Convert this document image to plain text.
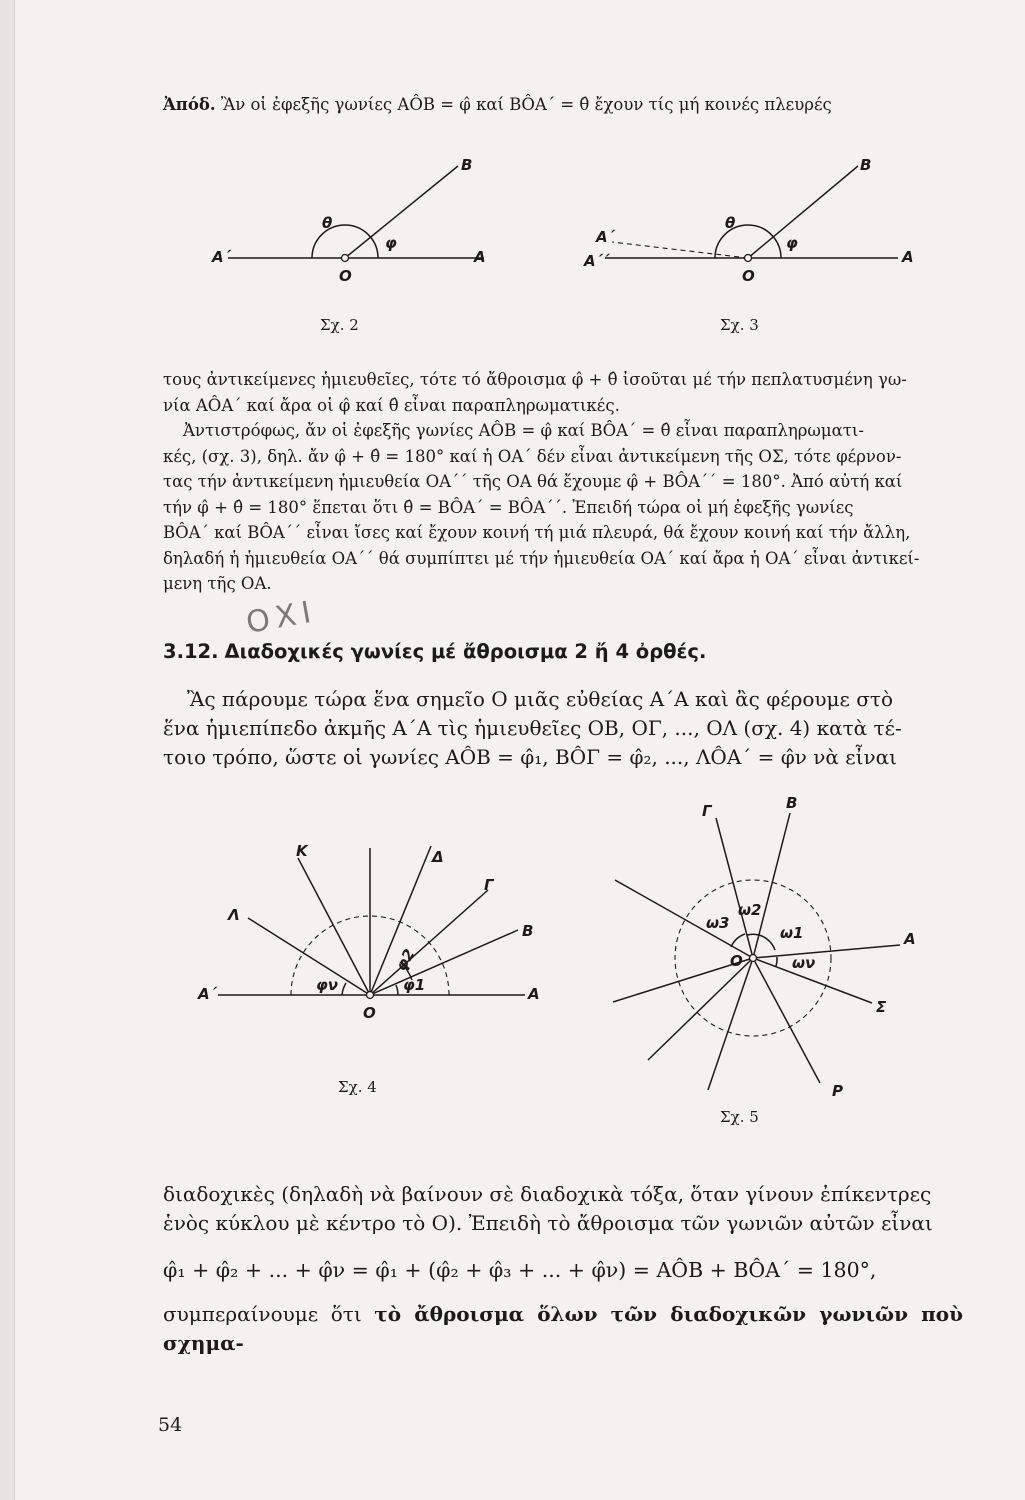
Ἀπόδ. Ἂν οἱ ἐφεξῆς γωνίες ΑÔΒ = φ̂ καί ΒÔΑ΄ = θ̂ ἔχουν τίς μή κοινές πλευρές
B
θ
φ
A΄
O
A
Σχ. 2
B
A΄
θ
φ
A΄΄
O
A
Σχ. 3
τους ἀντικείμενες ἡμιευθεῖες, τότε τό ἄθροισμα φ̂ + θ̂ ἰσοῦται μέ τήν πεπλατυσμένη γω-
νία ΑÔΑ΄ καί ἄρα οἱ φ̂ καί θ̂ εἶναι παραπληρωματικές.
Ἀντιστρόφως, ἄν οἱ ἐφεξῆς γωνίες ΑÔΒ = φ̂ καί ΒÔΑ΄ = θ̂ εἶναι παραπληρωματι-
κές, (σχ. 3), δηλ. ἄν φ̂ + θ̂ = 180° καί ἡ ΟΑ΄ δέν εἶναι ἀντικείμενη τῆς ΟΣ, τότε φέρνον-
τας τήν ἀντικείμενη ἡμιευθεία ΟΑ΄΄ τῆς ΟΑ θά ἔχουμε φ̂ + ΒÔΑ΄΄ = 180°. Ἀπό αὐτή καί
τήν φ̂ + θ̂ = 180° ἕπεται ὅτι θ̂ = ΒÔΑ΄ = ΒÔΑ΄΄. Ἐπειδή τώρα οἱ μή ἐφεξῆς γωνίες
ΒÔΑ΄ καί ΒÔΑ΄΄ εἶναι ἴσες καί ἔχουν κοινή τή μιά πλευρά, θά ἔχουν κοινή καί τήν ἄλλη,
δηλαδή ἡ ἡμιευθεία ΟΑ΄΄ θά συμπίπτει μέ τήν ἡμιευθεία ΟΑ΄ καί ἄρα ἡ ΟΑ΄ εἶναι ἀντικεί-
μενη τῆς ΟΑ.
ΟΧΙ
3.12. Διαδοχικές γωνίες μέ ἄθροισμα 2 ἤ 4 ὀρθές.
Ἂς πάρουμε τώρα ἕνα σημεῖο Ο μιᾶς εὐθείας Α΄Α καὶ ἂς φέρουμε στὸ
ἕνα ἡμιεπίπεδο ἀκμῆς Α΄Α τὶς ἡμιευθεῖες ΟΒ, ΟΓ, ..., ΟΛ (σχ. 4) κατὰ τέ-
τοιο τρόπο, ὥστε οἱ γωνίες ΑÔΒ = φ̂₁, ΒÔΓ = φ̂₂, ..., ΛÔΑ΄ = φ̂ν νὰ εἶναι
K	Δ
Γ
Λ
B
φ2
φν	φ1
A΄
O
A
Σχ. 4
Γ	B
ω3
ω2
ω1	A
O	ων
Σ
P
Σχ. 5
διαδοχικὲς (δηλαδὴ νὰ βαίνουν σὲ διαδοχικὰ τόξα, ὅταν γίνουν ἐπίκεντρες
ἑνὸς κύκλου μὲ κέντρο τὸ Ο). Ἐπειδὴ τὸ ἄθροισμα τῶν γωνιῶν αὐτῶν εἶναι
φ̂₁ + φ̂₂ + ... + φ̂ν = φ̂₁ + (φ̂₂ + φ̂₃ + ... + φ̂ν) = ΑÔΒ + ΒÔΑ΄ = 180°,
συμπεραίνουμε ὅτι τὸ ἄθροισμα ὅλων τῶν διαδοχικῶν γωνιῶν ποὺ σχημα-
54
